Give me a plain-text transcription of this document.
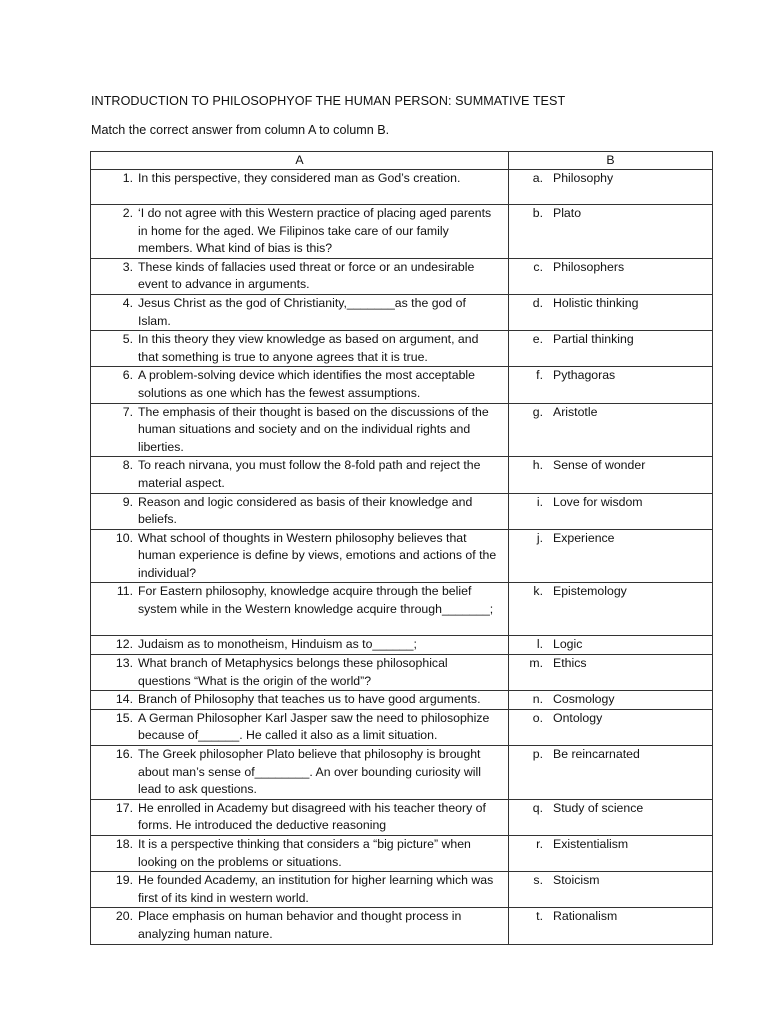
INTRODUCTION TO PHILOSOPHYOF THE HUMAN PERSON: SUMMATIVE TEST
Match the correct answer from column A to column B.
A	B

1. In this perspective, they considered man as God’s creation.	a. Philosophy

2. ‘I do not agree with this Western practice of placing aged parents in home for the aged. We Filipinos take care of our family members. What kind of bias is this?	b. Plato

3. These kinds of fallacies used threat or force or an undesirable event to advance in arguments.	c. Philosophers

4. Jesus Christ as the god of Christianity,_______as the god of Islam.	d. Holistic thinking

5. In this theory they view knowledge as based on argument, and that something is true to anyone agrees that it is true.	e. Partial thinking

6. A problem-solving device which identifies the most acceptable solutions as one which has the fewest assumptions.	f. Pythagoras

7. The emphasis of their thought is based on the discussions of the human situations and society and on the individual rights and liberties.	g. Aristotle

8. To reach nirvana, you must follow the 8-fold path and reject the material aspect.	h. Sense of wonder

9. Reason and logic considered as basis of their knowledge and beliefs.	i. Love for wisdom

10. What school of thoughts in Western philosophy believes that human experience is define by views, emotions and actions of the individual?	j. Experience

11. For Eastern philosophy, knowledge acquire through the belief system while in the Western knowledge acquire through_______;	k. Epistemology

12. Judaism as to monotheism, Hinduism as to______;	l. Logic

13. What branch of Metaphysics belongs these philosophical questions “What is the origin of the world”?	m. Ethics

14. Branch of Philosophy that teaches us to have good arguments.	n. Cosmology

15. A German Philosopher Karl Jasper saw the need to philosophize because of______. He called it also as a limit situation.	o. Ontology

16. The Greek philosopher Plato believe that philosophy is brought about man’s sense of________. An over bounding curiosity will lead to ask questions.	p. Be reincarnated

17. He enrolled in Academy but disagreed with his teacher theory of forms. He introduced the deductive reasoning	q. Study of science

18. It is a perspective thinking that considers a “big picture” when looking on the problems or situations.	r. Existentialism

19. He founded Academy, an institution for higher learning which was first of its kind in western world.	s. Stoicism

20. Place emphasis on human behavior and thought process in analyzing human nature.	t. Rationalism
